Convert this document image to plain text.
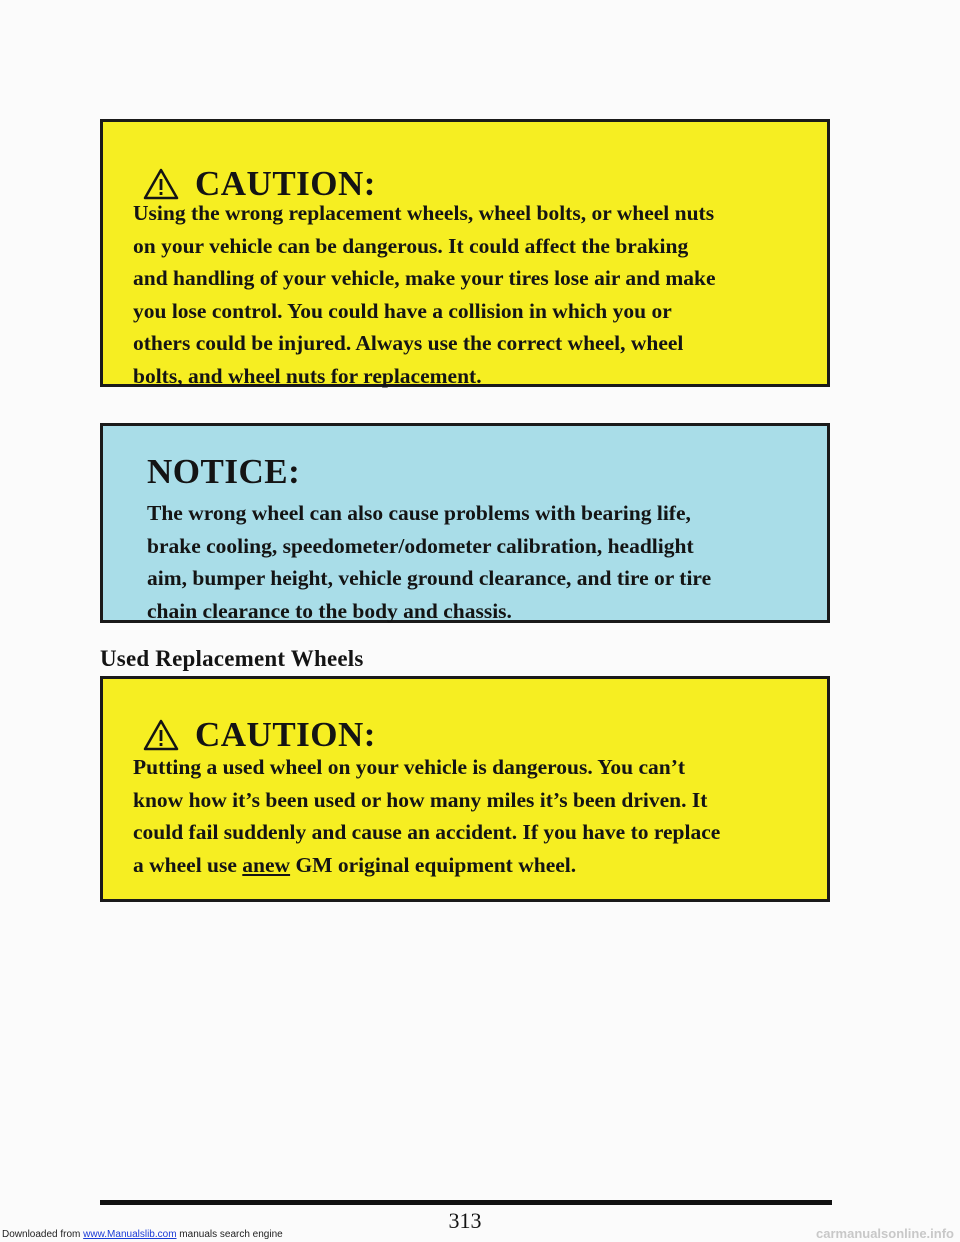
CAUTION:
Using the wrong replacement wheels, wheel bolts, or wheel nuts
on your vehicle can be dangerous. It could affect the braking
and handling of your vehicle, make your tires lose air and make
you lose control. You could have a collision in which you or
others could be injured. Always use the correct wheel, wheel
bolts, and wheel nuts for replacement.
NOTICE:
The wrong wheel can also cause problems with bearing life,
brake cooling, speedometer/odometer calibration, headlight
aim, bumper height, vehicle ground clearance, and tire or tire
chain clearance to the body and chassis.
Used Replacement Wheels
CAUTION:
Putting a used wheel on your vehicle is dangerous. You can’t
know how it’s been used or how many miles it’s been driven. It
could fail suddenly and cause an accident. If you have to replace
a wheel use anew GM original equipment wheel.
313
Downloaded from www.Manualslib.com manuals search engine	carmanualsonline.info
